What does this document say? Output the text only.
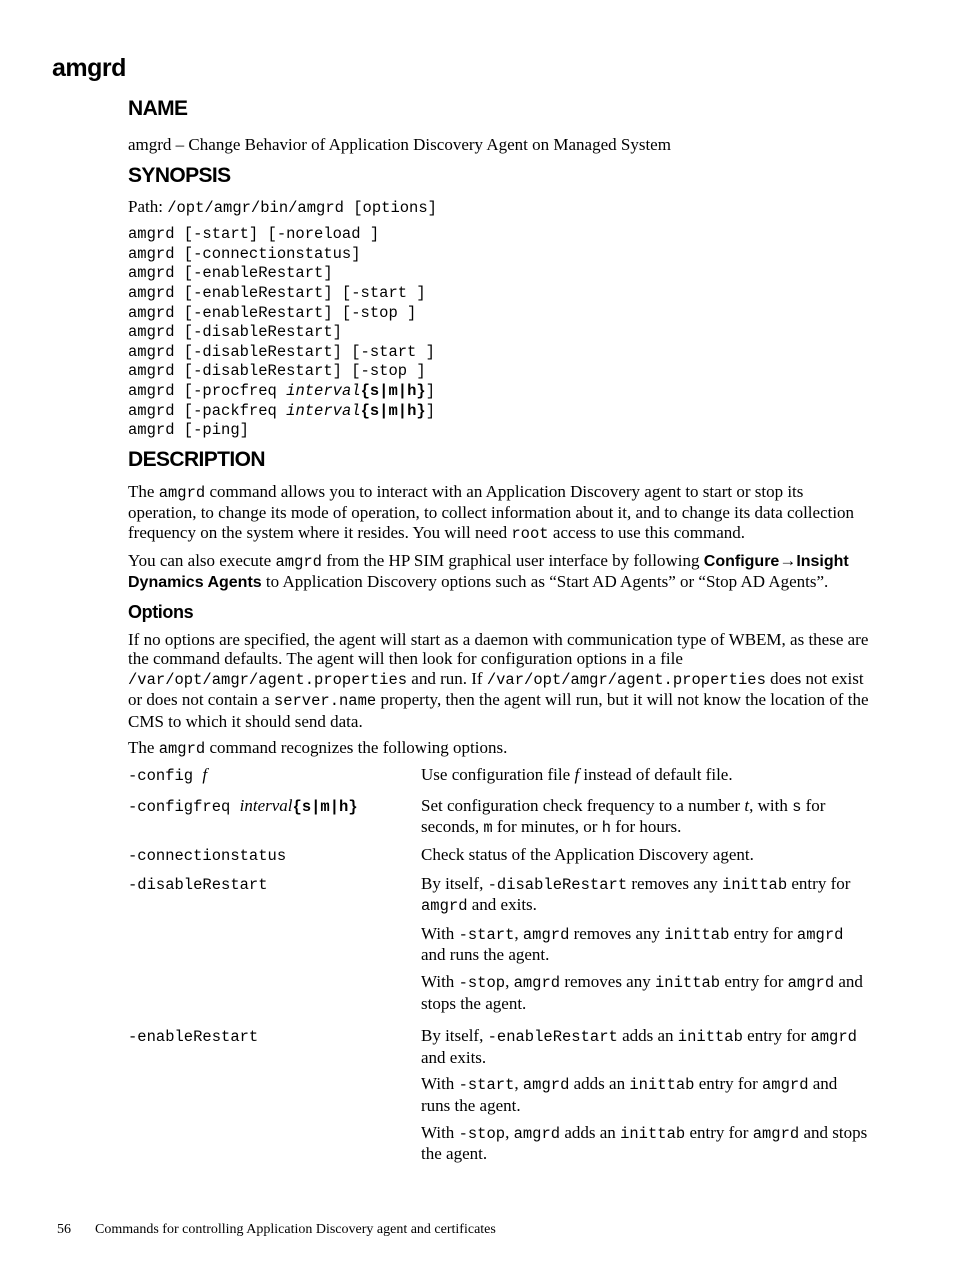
amgrd
NAME

amgrd – Change Behavior of Application Discovery Agent on Managed System

SYNOPSIS

Path: /opt/amgr/bin/amgrd [options]

amgrd [-start] [-noreload ]
amgrd [-connectionstatus]
amgrd [-enableRestart]
amgrd [-enableRestart] [-start ]
amgrd [-enableRestart] [-stop ]
amgrd [-disableRestart]
amgrd [-disableRestart] [-start ]
amgrd [-disableRestart] [-stop ]
amgrd [-procfreq interval{s|m|h}]
amgrd [-packfreq interval{s|m|h}]
amgrd [-ping]
DESCRIPTION

The amgrd command allows you to interact with an Application Discovery agent to start or stop its operation, to change its mode of operation, to collect information about it, and to change its data collection frequency on the system where it resides. You will need root access to use this command.

You can also execute amgrd from the HP SIM graphical user interface by following Configure→Insight Dynamics Agents to Application Discovery options such as “Start AD Agents” or “Stop AD Agents”.

Options

If no options are specified, the agent will start as a daemon with communication type of WBEM, as these are the command defaults. The agent will then look for configuration options in a file /var/opt/amgr/agent.properties and run. If /var/opt/amgr/agent.properties does not exist or does not contain a server.name property, then the agent will run, but it will not know the location of the CMS to which it should send data.

The amgrd command recognizes the following options.

-config f	Use configuration file f instead of default file.

-configfreq interval{s|m|h}	Set configuration check frequency to a number t, with s for seconds, m for minutes, or h for hours.

-connectionstatus	Check status of the Application Discovery agent.

-disableRestart	By itself, -disableRestart removes any inittab entry for amgrd and exits.

With -start, amgrd removes any inittab entry for amgrd and runs the agent.

With -stop, amgrd removes any inittab entry for amgrd and stops the agent.

-enableRestart	By itself, -enableRestart adds an inittab entry for amgrd and exits.

With -start, amgrd adds an inittab entry for amgrd and runs the agent.

With -stop, amgrd adds an inittab entry for amgrd and stops the agent.

56 Commands for controlling Application Discovery agent and certificates
